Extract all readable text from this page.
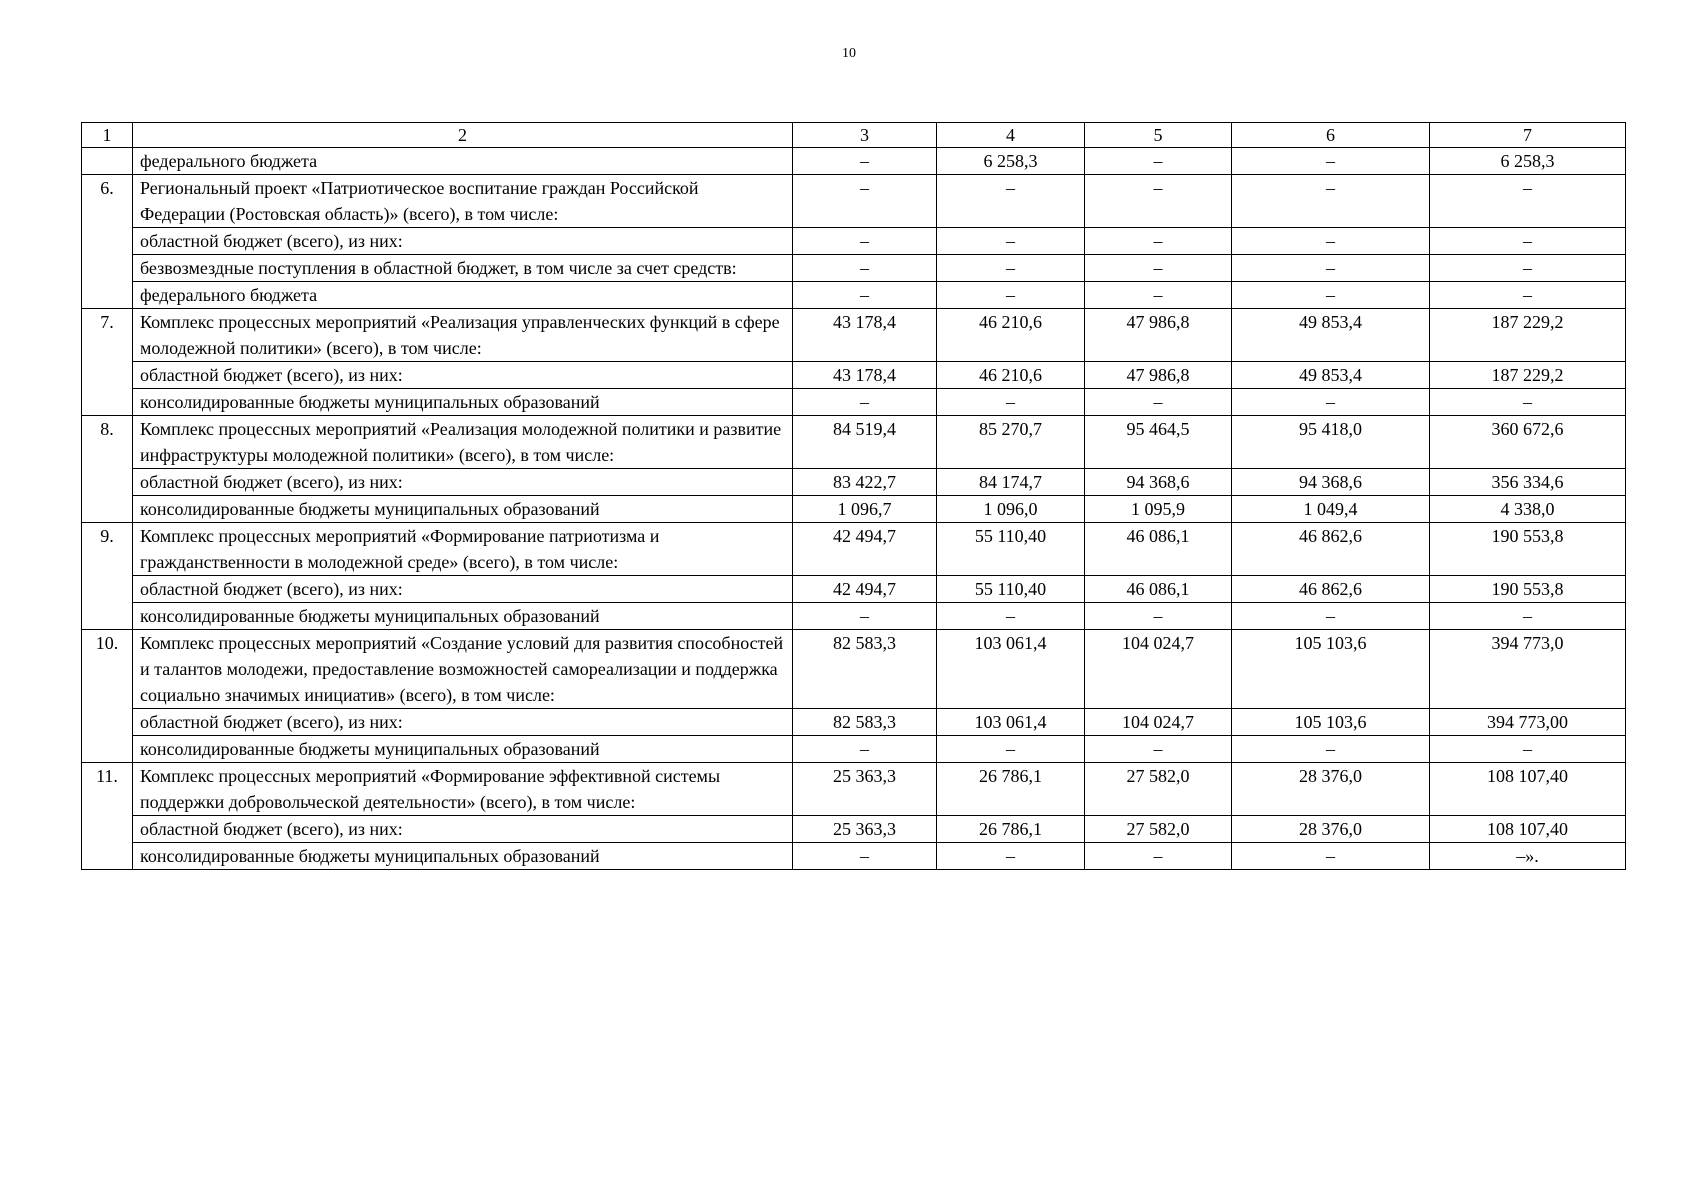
10
1	2	3	4	5	6	7
	федерального бюджета	–	6 258,3	–	–	6 258,3
6.	Региональный проект «Патриотическое воспитание граждан Российской Федерации (Ростовская область)» (всего), в том числе:	–	–	–	–	–
	областной бюджет (всего), из них:	–	–	–	–	–
	безвозмездные поступления в областной бюджет, в том числе за счет средств:	–	–	–	–	–
	федерального бюджета	–	–	–	–	–
7.	Комплекс процессных мероприятий «Реализация управленческих функций в сфере молодежной политики» (всего), в том числе:	43 178,4	46 210,6	47 986,8	49 853,4	187 229,2
	областной бюджет (всего), из них:	43 178,4	46 210,6	47 986,8	49 853,4	187 229,2
	консолидированные бюджеты муниципальных образований	–	–	–	–	–
8.	Комплекс процессных мероприятий «Реализация молодежной политики и развитие инфраструктуры молодежной политики» (всего), в том числе:	84 519,4	85 270,7	95 464,5	95 418,0	360 672,6
	областной бюджет (всего), из них:	83 422,7	84 174,7	94 368,6	94 368,6	356 334,6
	консолидированные бюджеты муниципальных образований	1 096,7	1 096,0	1 095,9	1 049,4	4 338,0
9.	Комплекс процессных мероприятий «Формирование патриотизма и гражданственности в молодежной среде» (всего), в том числе:	42 494,7	55 110,40	46 086,1	46 862,6	190 553,8
	областной бюджет (всего), из них:	42 494,7	55 110,40	46 086,1	46 862,6	190 553,8
	консолидированные бюджеты муниципальных образований	–	–	–	–	–
10.	Комплекс процессных мероприятий «Создание условий для развития способностей и талантов молодежи, предоставление возможностей самореализации и поддержка социально значимых инициатив» (всего), в том числе:	82 583,3	103 061,4	104 024,7	105 103,6	394 773,0
	областной бюджет (всего), из них:	82 583,3	103 061,4	104 024,7	105 103,6	394 773,00
	консолидированные бюджеты муниципальных образований	–	–	–	–	–
11.	Комплекс процессных мероприятий «Формирование эффективной системы поддержки добровольческой деятельности» (всего), в том числе:	25 363,3	26 786,1	27 582,0	28 376,0	108 107,40
	областной бюджет (всего), из них:	25 363,3	26 786,1	27 582,0	28 376,0	108 107,40
	консолидированные бюджеты муниципальных образований	–	–	–	–	–».
